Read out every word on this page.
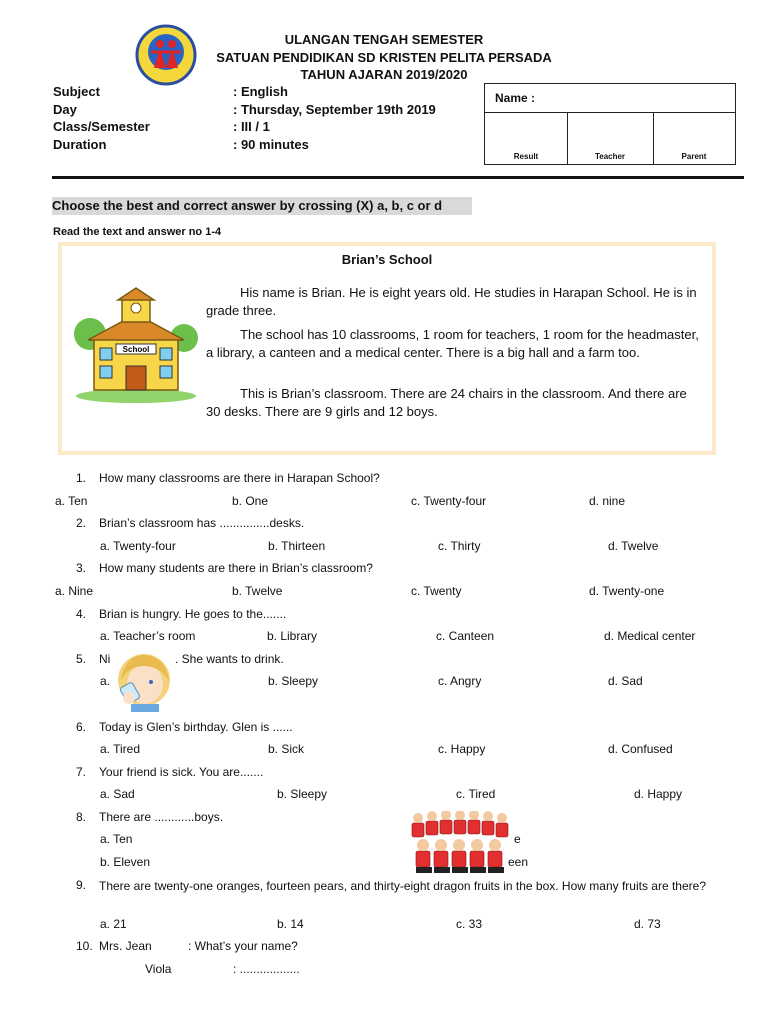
ULANGAN TENGAH SEMESTER
SATUAN PENDIDIKAN SD KRISTEN PELITA PERSADA
TAHUN AJARAN 2019/2020
Subject	: English
Day	: Thursday, September 19th 2019
Class/Semester	: III / 1
Duration	: 90 minutes
Name :
Result	Teacher	Parent
Choose the best and correct answer by crossing (X) a, b, c or d
Read the text and answer no 1-4
Brian’s School
School
His name is Brian. He is eight years old. He studies in Harapan School. He is in grade three.
The school has 10 classrooms, 1 room for teachers, 1 room for the headmaster, a library, a canteen and a medical center. There is a big hall and a farm too.
This is Brian’s classroom. There are 24 chairs in the classroom. And there are 30 desks. There are 9 girls and 12 boys.
1. How many classrooms are there in Harapan School?
a. Ten	b. One	c. Twenty-four	d. nine
2. Brian’s classroom has ...............desks.
a. Twenty-four	b. Thirteen	c. Thirty	d. Twelve
3. How many students are there in Brian’s classroom?
a. Nine	b. Twelve	c. Twenty	d. Twenty-one
4. Brian is hungry. He goes to the.......
a. Teacher’s room	b. Library	c. Canteen	d. Medical center
5. Ni	. She wants to drink.
a.	b. Sleepy	c. Angry	d. Sad
6. Today is Glen’s birthday. Glen is ......
a. Tired	b. Sick	c. Happy	d. Confused
7. Your friend is sick. You are.......
a. Sad	b. Sleepy	c. Tired	d. Happy
8. There are ............boys.
a. Ten
b. Eleven
e
een
9. There are twenty-one oranges, fourteen pears, and thirty-eight dragon fruits in the box. How many fruits are there?
a. 21	b. 14	c. 33	d. 73
10. Mrs. Jean	: What’s your name?
Viola	: ..................
